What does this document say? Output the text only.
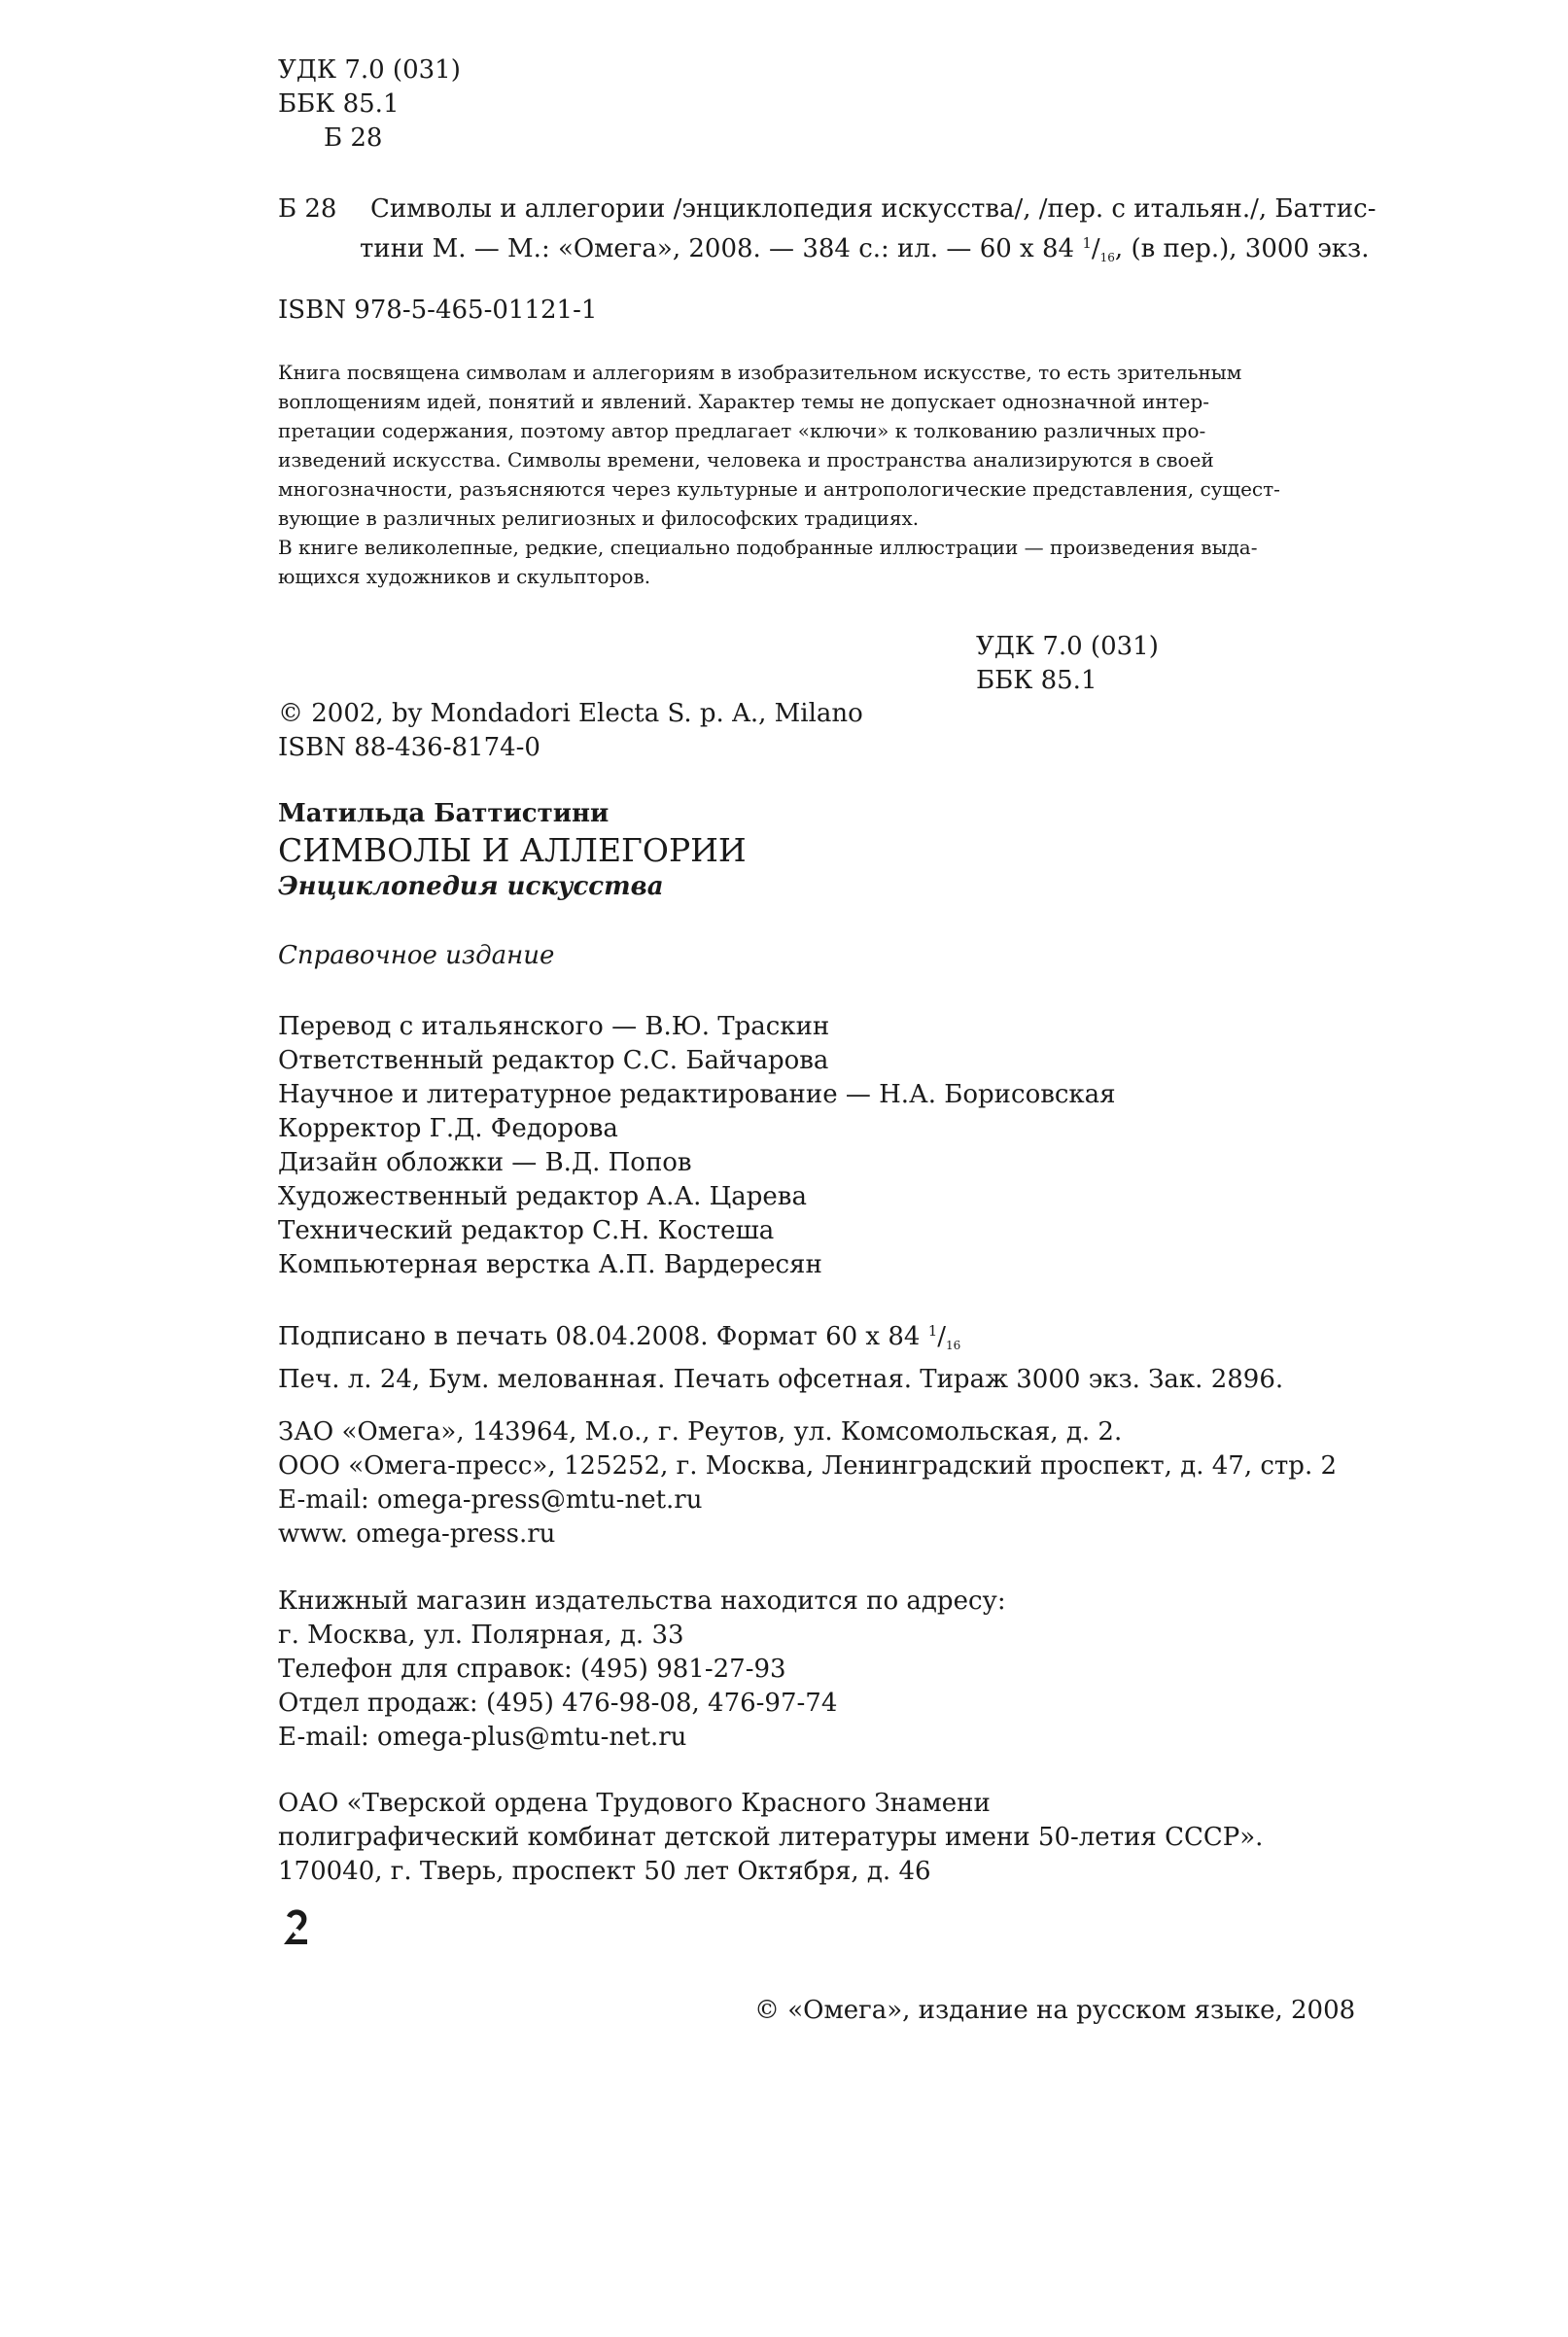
УДК 7.0 (031)
ББК 85.1
Б 28
Б 28 Символы и аллегории /энциклопедия искусства/, /пер. с итальян./, Баттис-
тини М. — М.: «Омега», 2008. — 384 с.: ил. — 60 х 84 $^1/_{16}$, (в пер.), 3000 экз.
ISBN 978-5-465-01121-1
Книга посвящена символам и аллегориям в изобразительном искусстве, то есть зрительным
воплощениям идей, понятий и явлений. Характер темы не допускает однозначной интер-
претации содержания, поэтому автор предлагает «ключи» к толкованию различных про-
изведений искусства. Символы времени, человека и пространства анализируются в своей
многозначности, разъясняются через культурные и антропологические представления, сущест-
вующие в различных религиозных и философских традициях.
В книге великолепные, редкие, специально подобранные иллюстрации — произведения выда-
ющихся художников и скульпторов.
УДК 7.0 (031)
ББК 85.1
© 2002, by Mondadori Electa S. p. A., Milano
ISBN 88-436-8174-0
Матильда Баттистини
СИМВОЛЫ И АЛЛЕГОРИИ
Энциклопедия искусства
Справочное издание
Перевод с итальянского — В.Ю. Траскин
Ответственный редактор С.С. Байчарова
Научное и литературное редактирование — Н.А. Борисовская
Корректор Г.Д. Федорова
Дизайн обложки — В.Д. Попов
Художественный редактор А.А. Царева
Технический редактор С.Н. Костеша
Компьютерная верстка А.П. Вардересян
Подписано в печать 08.04.2008. Формат 60 х 84 $^1/_{16}$
Печ. л. 24, Бум. мелованная. Печать офсетная. Тираж 3000 экз. Зак. 2896.
ЗАО «Омега», 143964, М.о., г. Реутов, ул. Комсомольская, д. 2.
ООО «Омега-пресс», 125252, г. Москва, Ленинградский проспект, д. 47, стр. 2
E-mail: omega-press@mtu-net.ru
www. omega-press.ru
Книжный магазин издательства находится по адресу:
г. Москва, ул. Полярная, д. 33
Телефон для справок: (495) 981-27-93
Отдел продаж: (495) 476-98-08, 476-97-74
E-mail: omega-plus@mtu-net.ru
ОАО «Тверской ордена Трудового Красного Знамени
полиграфический комбинат детской литературы имени 50-летия СССР».
170040, г. Тверь, проспект 50 лет Октября, д. 46
© «Омега», издание на русском языке, 2008
